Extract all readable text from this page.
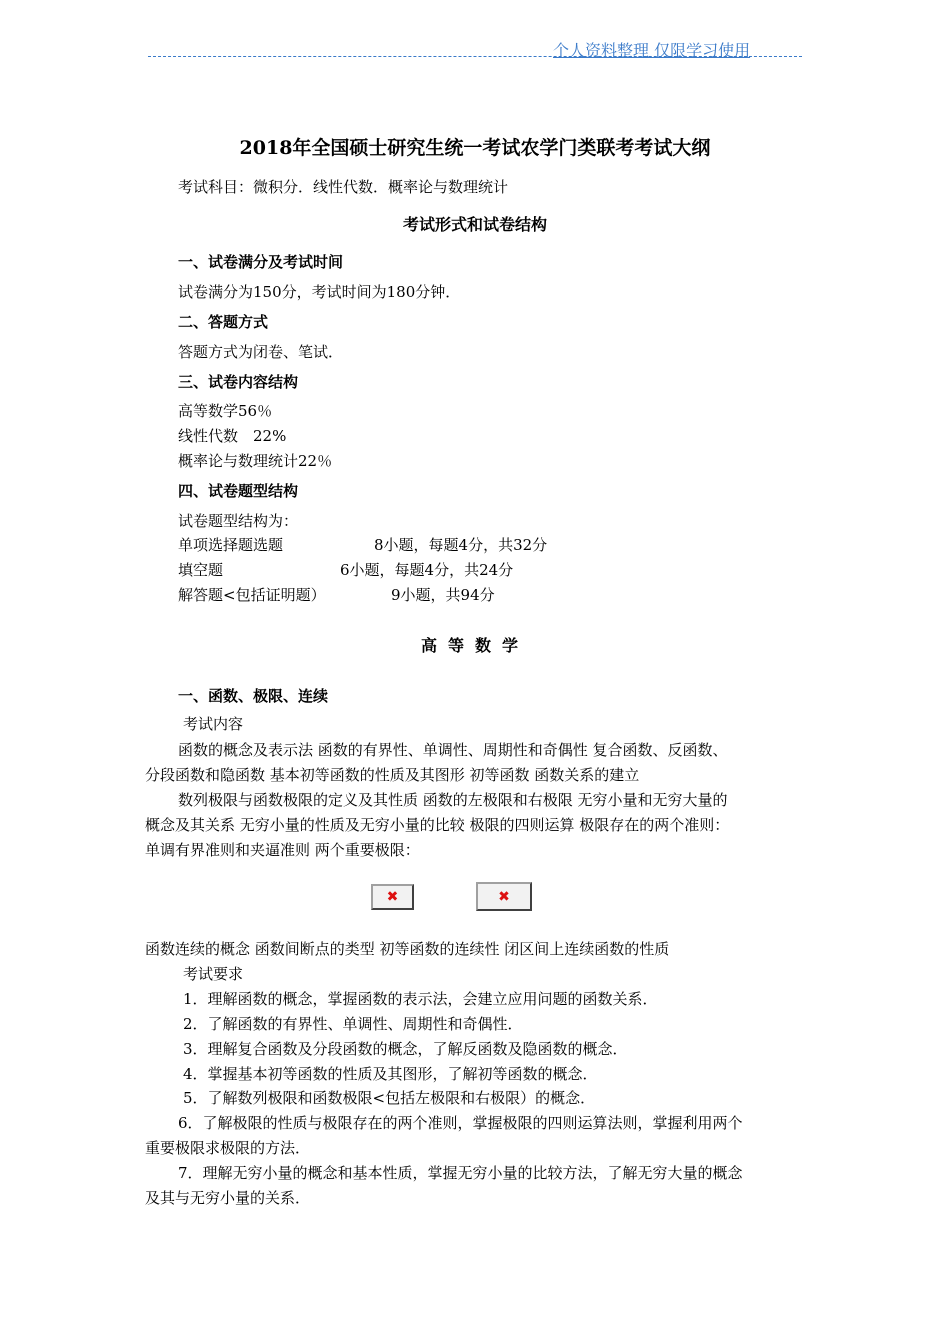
个人资料整理 仅限学习使用
2018年全国硕士研究生统一考试农学门类联考考试大纲
考试科目：微积分．线性代数．概率论与数理统计
考试形式和试卷结构
一、试卷满分及考试时间
试卷满分为150分，考试时间为180分钟．
二、答题方式
答题方式为闭卷、笔试．
三、试卷内容结构
高等数学56％
线性代数　22%
概率论与数理统计22％
四、试卷题型结构
试卷题型结构为：
单项选择题选题	8小题，每题4分，共32分
填空题	6小题，每题4分，共24分
解答题<包括证明题）	9小题，共94分
高等数学
一、函数、极限、连续
考试内容
函数的概念及表示法 函数的有界性、单调性、周期性和奇偶性 复合函数、反函数、
分段函数和隐函数 基本初等函数的性质及其图形 初等函数 函数关系的建立
数列极限与函数极限的定义及其性质 函数的左极限和右极限 无穷小量和无穷大量的
概念及其关系 无穷小量的性质及无穷小量的比较 极限的四则运算 极限存在的两个准则：
单调有界准则和夹逼准则 两个重要极限：
✖	✖
函数连续的概念 函数间断点的类型 初等函数的连续性 闭区间上连续函数的性质
考试要求
1．理解函数的概念，掌握函数的表示法，会建立应用问题的函数关系．
2．了解函数的有界性、单调性、周期性和奇偶性．
3．理解复合函数及分段函数的概念，了解反函数及隐函数的概念．
4．掌握基本初等函数的性质及其图形，了解初等函数的概念．
5．了解数列极限和函数极限<包括左极限和右极限）的概念．
6．了解极限的性质与极限存在的两个准则，掌握极限的四则运算法则，掌握利用两个
重要极限求极限的方法．
7．理解无穷小量的概念和基本性质，掌握无穷小量的比较方法，了解无穷大量的概念
及其与无穷小量的关系．
